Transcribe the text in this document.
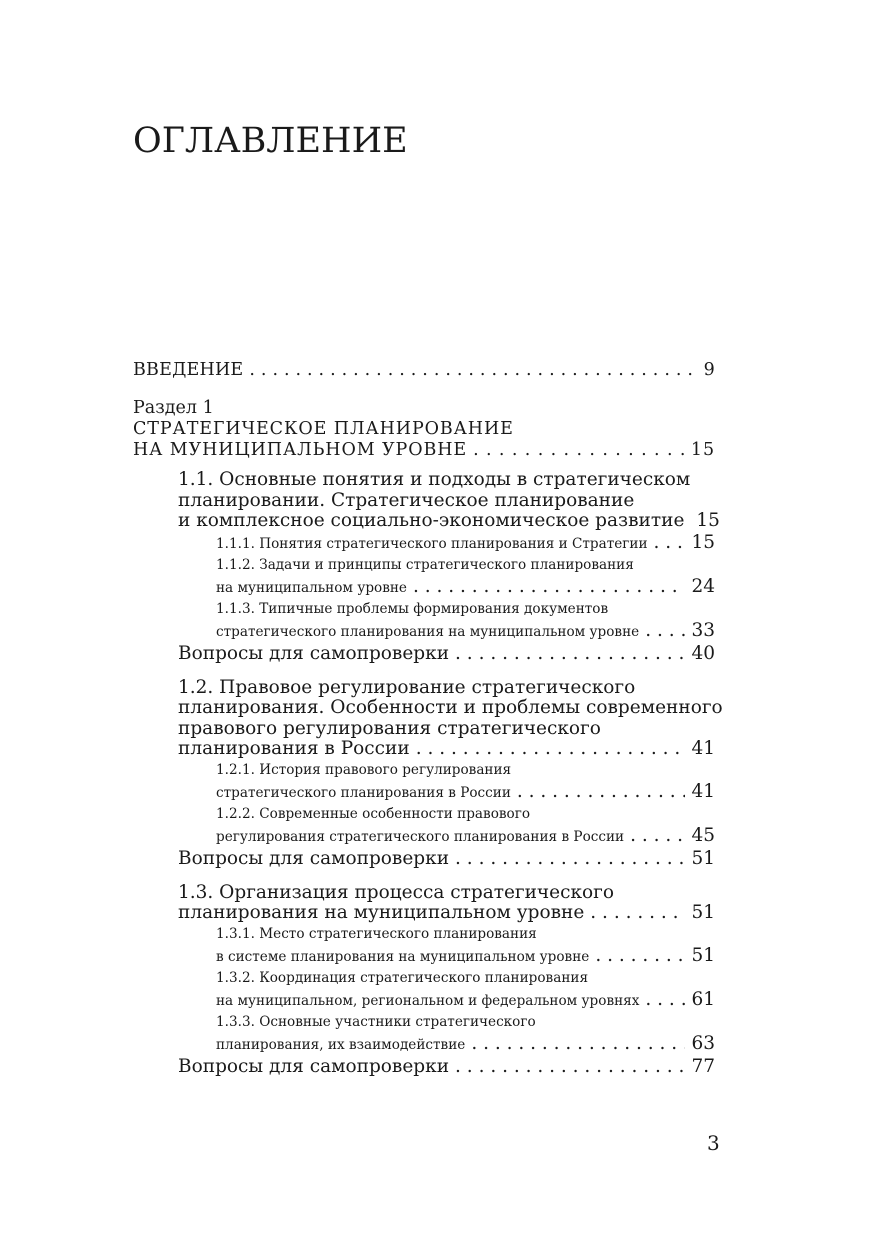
ОГЛАВЛЕНИЕ
ВВЕДЕНИЕ . . .	9
Раздел 1
СТРАТЕГИЧЕСКОЕ ПЛАНИРОВАНИЕ
НА МУНИЦИПАЛЬНОМ УРОВНЕ . . .	15
1.1. Основные понятия и подходы в стратегическом
планировании. Стратегическое планирование
и комплексное социально-экономическое развитие 15
1.1.1. Понятия стратегического планирования и Стратегии . . . 15
1.1.2. Задачи и принципы стратегического планирования
на муниципальном уровне . . .	24
1.1.3. Типичные проблемы формирования документов
стратегического планирования на муниципальном уровне . . .	33
Вопросы для самопроверки . . .	40
1.2. Правовое регулирование стратегического
планирования. Особенности и проблемы современного
правового регулирования стратегического
планирования в России . . .	41
1.2.1. История правового регулирования
стратегического планирования в России . . .	41
1.2.2. Современные особенности правового
регулирования стратегического планирования в России . . .	45
Вопросы для самопроверки . . .	51
1.3. Организация процесса стратегического
планирования на муниципальном уровне . . .	51
1.3.1. Место стратегического планирования
в системе планирования на муниципальном уровне . . .	51
1.3.2. Координация стратегического планирования
на муниципальном, региональном и федеральном уровнях . . .	61
1.3.3. Основные участники стратегического
планирования, их взаимодействие . . .	63
Вопросы для самопроверки . . .	77
3
